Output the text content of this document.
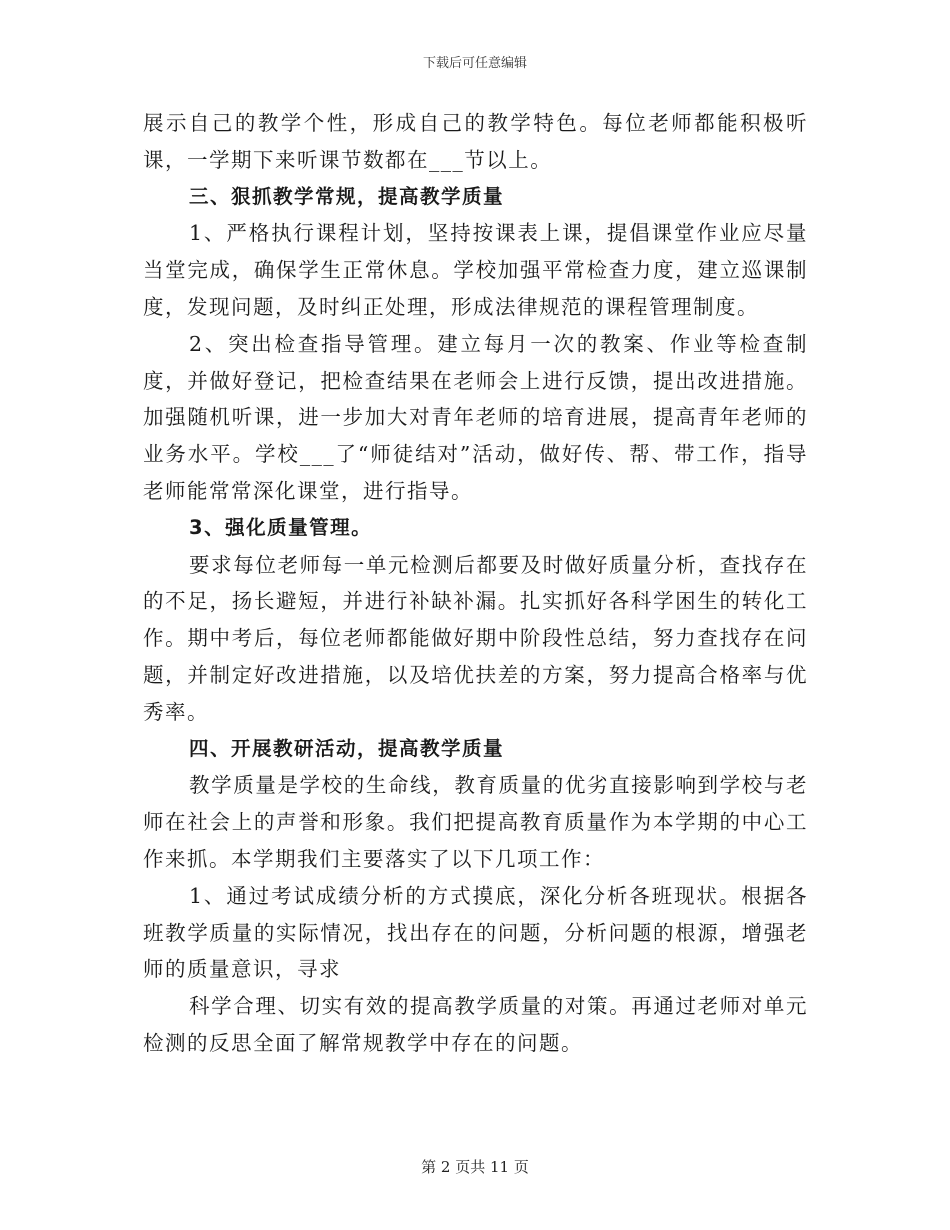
下载后可任意编辑

展示自己的教学个性，形成自己的教学特色。每位老师都能积极听课，一学期下来听课节数都在___节以上。

三、狠抓教学常规，提高教学质量

1、严格执行课程计划，坚持按课表上课，提倡课堂作业应尽量当堂完成，确保学生正常休息。学校加强平常检查力度，建立巡课制度，发现问题，及时纠正处理，形成法律规范的课程管理制度。

2、突出检查指导管理。建立每月一次的教案、作业等检查制度，并做好登记，把检查结果在老师会上进行反馈，提出改进措施。加强随机听课，进一步加大对青年老师的培育进展，提高青年老师的业务水平。学校___了“师徒结对”活动，做好传、帮、带工作，指导老师能常常深化课堂，进行指导。

3、强化质量管理。

要求每位老师每一单元检测后都要及时做好质量分析，查找存在的不足，扬长避短，并进行补缺补漏。扎实抓好各科学困生的转化工作。期中考后，每位老师都能做好期中阶段性总结，努力查找存在问题，并制定好改进措施，以及培优扶差的方案，努力提高合格率与优秀率。

四、开展教研活动，提高教学质量

教学质量是学校的生命线，教育质量的优劣直接影响到学校与老师在社会上的声誉和形象。我们把提高教育质量作为本学期的中心工作来抓。本学期我们主要落实了以下几项工作：

1、通过考试成绩分析的方式摸底，深化分析各班现状。根据各班教学质量的实际情况，找出存在的问题，分析问题的根源，增强老师的质量意识，寻求

科学合理、切实有效的提高教学质量的对策。再通过老师对单元检测的反思全面了解常规教学中存在的问题。

第 2 页共 11 页
